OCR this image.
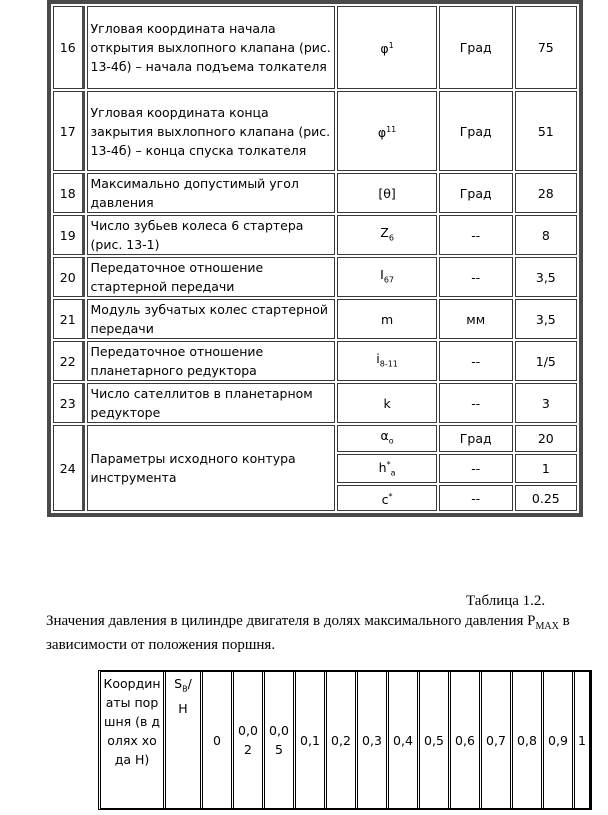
16	Угловая координата начала открытия выхлопного клапана (рис. 13-4б) – начала подъема толкателя	$\varphi^1$	Град	75
17	Угловая координата конца закрытия выхлопного клапана (рис. 13-4б) – конца спуска толкателя	$\varphi^{11}$	Град	51
18	Максимально допустимый угол давления	[θ]	Град	28
19	Число зубьев колеса 6 стартера (рис. 13-1)	$Z_6$	--	8
20	Передаточное отношение стартерной передачи	$I_{67}$	--	3,5
21	Модуль зубчатых колес стартерной передачи	m	мм	3,5
22	Передаточное отношение планетарного редуктора	$i_{8-11}$	--	1/5
23	Число сателлитов в планетарном редукторе	k	--	3
24	Параметры исходного контура инструмента	$\alpha_o$	Град	20
		$h^*_a$	--	1
		c*	--	0.25
Таблица 1.2.
Значения давления в цилиндре двигателя в долях максимального давления $P_{MAX}$ в зависимости от положения поршня.
Координаты поршня (в долях хода Н)	$S_B/$ H	0	0,02	0,05	0,1	0,2	0,3	0,4	0,5	0,6	0,7	0,8	0,9	1
